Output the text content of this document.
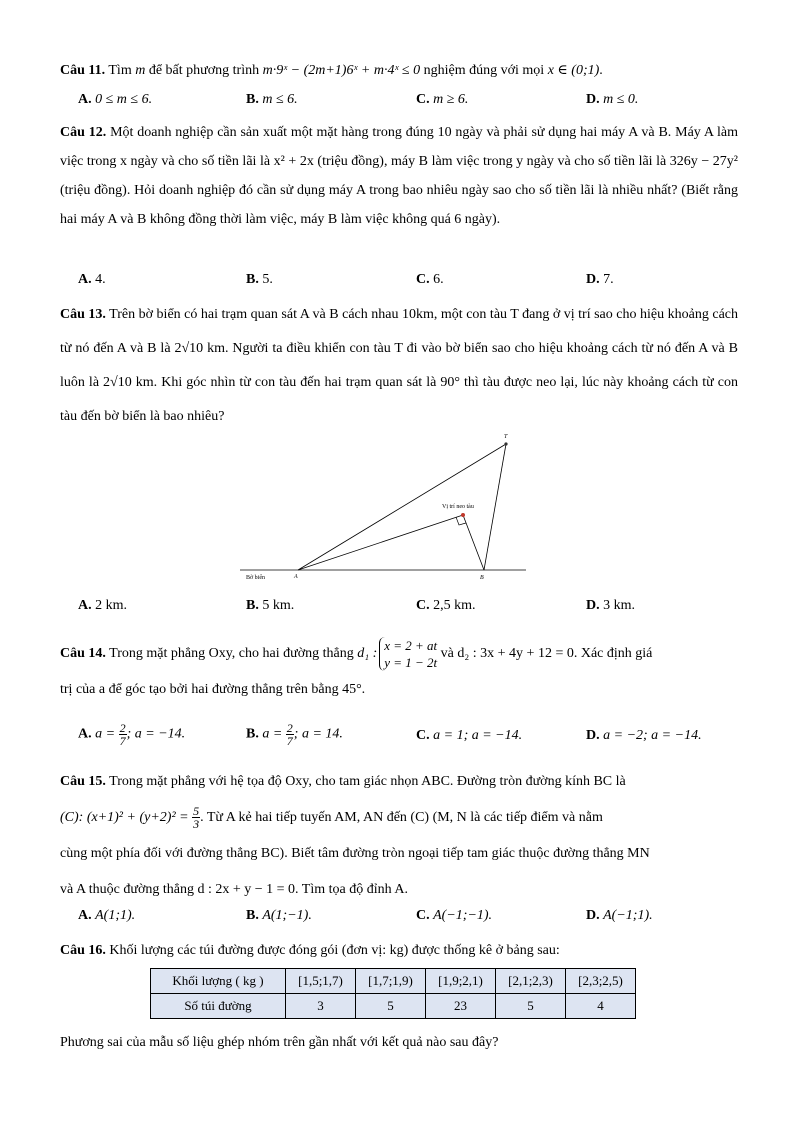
Câu 11. Tìm m để bất phương trình m·9ˣ − (2m+1)6ˣ + m·4ˣ ≤ 0 nghiệm đúng với mọi x ∈ (0;1).
A. 0 ≤ m ≤ 6.	B. m ≤ 6.	C. m ≥ 6.	D. m ≤ 0.
Câu 12. Một doanh nghiệp cần sản xuất một mặt hàng trong đúng 10 ngày và phải sử dụng hai máy A và B. Máy A làm việc trong x ngày và cho số tiền lãi là x² + 2x (triệu đồng), máy B làm việc trong y ngày và cho số tiền lãi là 326y − 27y² (triệu đồng). Hỏi doanh nghiệp đó cần sử dụng máy A trong bao nhiêu ngày sao cho số tiền lãi là nhiều nhất? (Biết rằng hai máy A và B không đồng thời làm việc, máy B làm việc không quá 6 ngày).
A. 4.	B. 5.	C. 6.	D. 7.
Câu 13. Trên bờ biển có hai trạm quan sát A và B cách nhau 10km, một con tàu T đang ở vị trí sao cho hiệu khoảng cách từ nó đến A và B là 2√10 km. Người ta điều khiển con tàu T đi vào bờ biển sao cho hiệu khoảng cách từ nó đến A và B luôn là 2√10 km. Khi góc nhìn từ con tàu đến hai trạm quan sát là 90° thì tàu được neo lại, lúc này khoảng cách từ con tàu đến bờ biển là bao nhiêu?
T
Vị trí neo tàu
Bờ biển	A	B
A. 2 km.	B. 5 km.	C. 2,5 km.	D. 3 km.
Câu 14. Trong mặt phẳng Oxy, cho hai đường thẳng d₁ :
x = 2 + at
y = 1 − 2t
và d₂ : 3x + 4y + 12 = 0. Xác định giá
trị của a để góc tạo bởi hai đường thẳng trên bằng 45°.
A. $a = \frac{2}{7}$ ; a = −14.	B. $a = \frac{2}{7}$ ; a = 14.	C. a = 1; a = −14.	D. a = −2; a = −14.
Câu 15. Trong mặt phẳng với hệ tọa độ Oxy, cho tam giác nhọn ABC. Đường tròn đường kính BC là
(C): $(x+1)^2 + (y+2)^2 = \frac{5}{3}$ . Từ A kẻ hai tiếp tuyến AM, AN đến (C) (M, N là các tiếp điểm và nằm
cùng một phía đối với đường thẳng BC). Biết tâm đường tròn ngoại tiếp tam giác thuộc đường thẳng MN
và A thuộc đường thẳng d : 2x + y − 1 = 0. Tìm tọa độ đỉnh A.
A. A(1;1).	B. A(1;−1).	C. A(−1;−1).	D. A(−1;1).
Câu 16. Khối lượng các túi đường được đóng gói (đơn vị: kg) được thống kê ở bảng sau:
Khối lượng ( kg )	[1,5;1,7)	[1,7;1,9)	[1,9;2,1)	[2,1;2,3)	[2,3;2,5)
Số túi đường	3	5	23	5	4
Phương sai của mẫu số liệu ghép nhóm trên gần nhất với kết quả nào sau đây?
